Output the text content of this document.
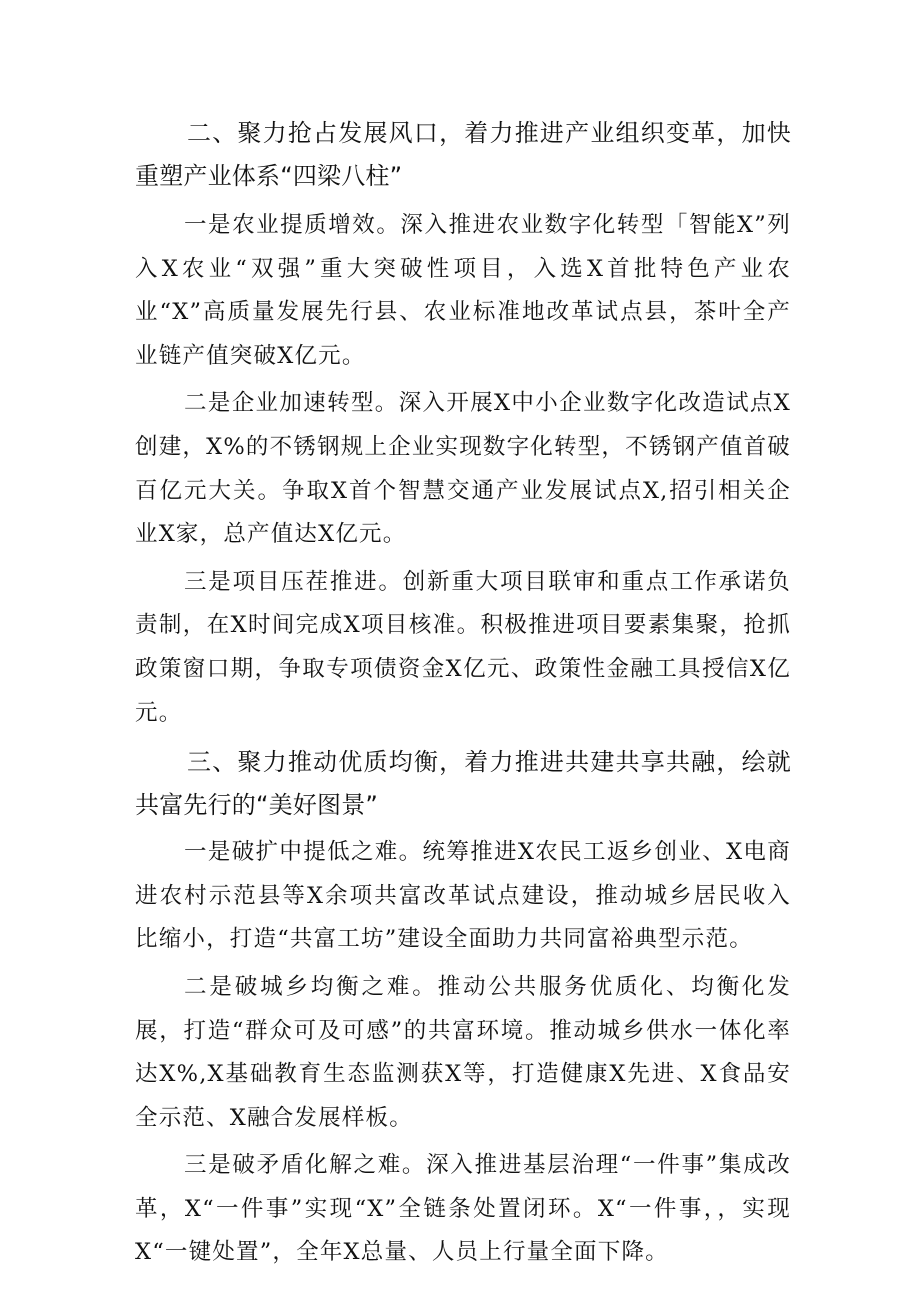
二、聚力抢占发展风口，着力推进产业组织变革，加快重塑产业体系“四梁八柱”

一是农业提质增效。深入推进农业数字化转型「智能X”列入X农业“双强”重大突破性项目，入选X首批特色产业农业“X”高质量发展先行县、农业标准地改革试点县，茶叶全产业链产值突破X亿元。

二是企业加速转型。深入开展X中小企业数字化改造试点X创建，X%的不锈钢规上企业实现数字化转型，不锈钢产值首破百亿元大关。争取X首个智慧交通产业发展试点X,招引相关企业X家，总产值达X亿元。

三是项目压茬推进。创新重大项目联审和重点工作承诺负责制，在X时间完成X项目核准。积极推进项目要素集聚，抢抓政策窗口期，争取专项债资金X亿元、政策性金融工具授信X亿元。

三、聚力推动优质均衡，着力推进共建共享共融，绘就共富先行的“美好图景”

一是破扩中提低之难。统筹推进X农民工返乡创业、X电商进农村示范县等X余项共富改革试点建设，推动城乡居民收入比缩小，打造“共富工坊”建设全面助力共同富裕典型示范。

二是破城乡均衡之难。推动公共服务优质化、均衡化发展，打造“群众可及可感”的共富环境。推动城乡供水一体化率达X%,X基础教育生态监测获X等，打造健康X先进、X食品安全示范、X融合发展样板。

三是破矛盾化解之难。深入推进基层治理“一件事”集成改革，X“一件事”实现“X”全链条处置闭环。X“一件事，，实现X“一键处置”，全年X总量、人员上行量全面下降。
